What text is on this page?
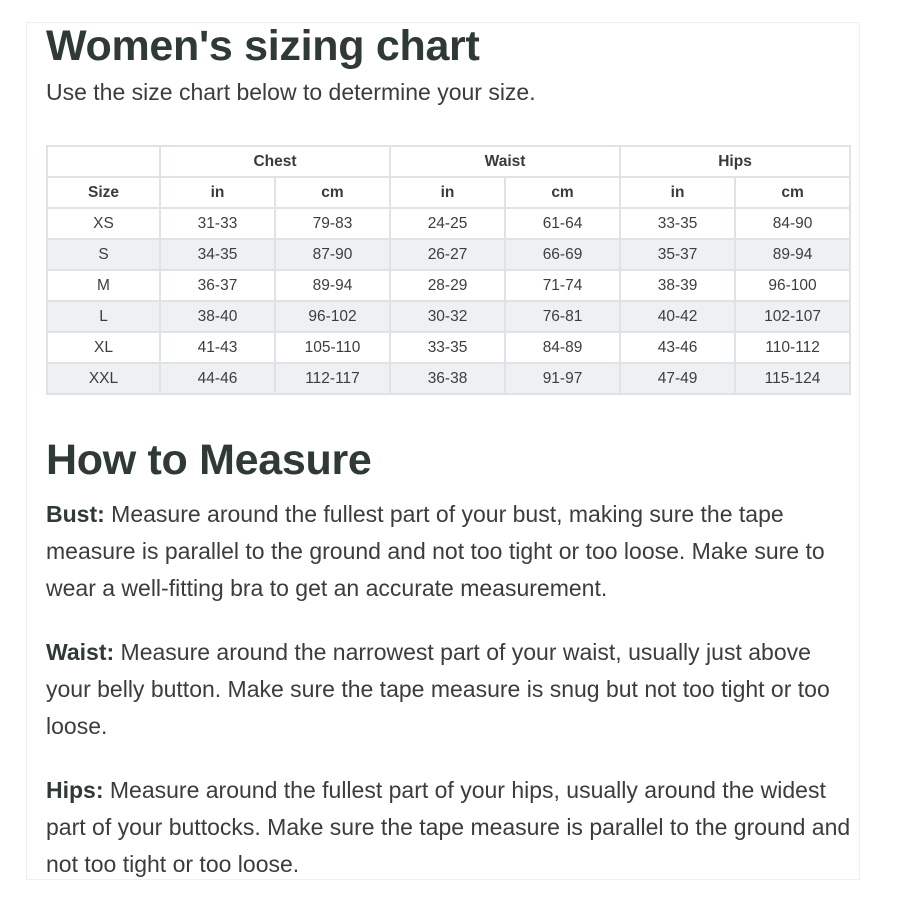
Women's sizing chart

Use the size chart below to determine your size.

	Chest		Waist		Hips	
Size	in	cm	in	cm	in	cm
XS	31-33	79-83	24-25	61-64	33-35	84-90
S	34-35	87-90	26-27	66-69	35-37	89-94
M	36-37	89-94	28-29	71-74	38-39	96-100
L	38-40	96-102	30-32	76-81	40-42	102-107
XL	41-43	105-110	33-35	84-89	43-46	110-112
XXL	44-46	112-117	36-38	91-97	47-49	115-124
How to Measure

Bust: Measure around the fullest part of your bust, making sure the tape measure is parallel to the ground and not too tight or too loose. Make sure to wear a well-fitting bra to get an accurate measurement.

Waist: Measure around the narrowest part of your waist, usually just above your belly button. Make sure the tape measure is snug but not too tight or too loose.

Hips: Measure around the fullest part of your hips, usually around the widest part of your buttocks. Make sure the tape measure is parallel to the ground and not too tight or too loose.
